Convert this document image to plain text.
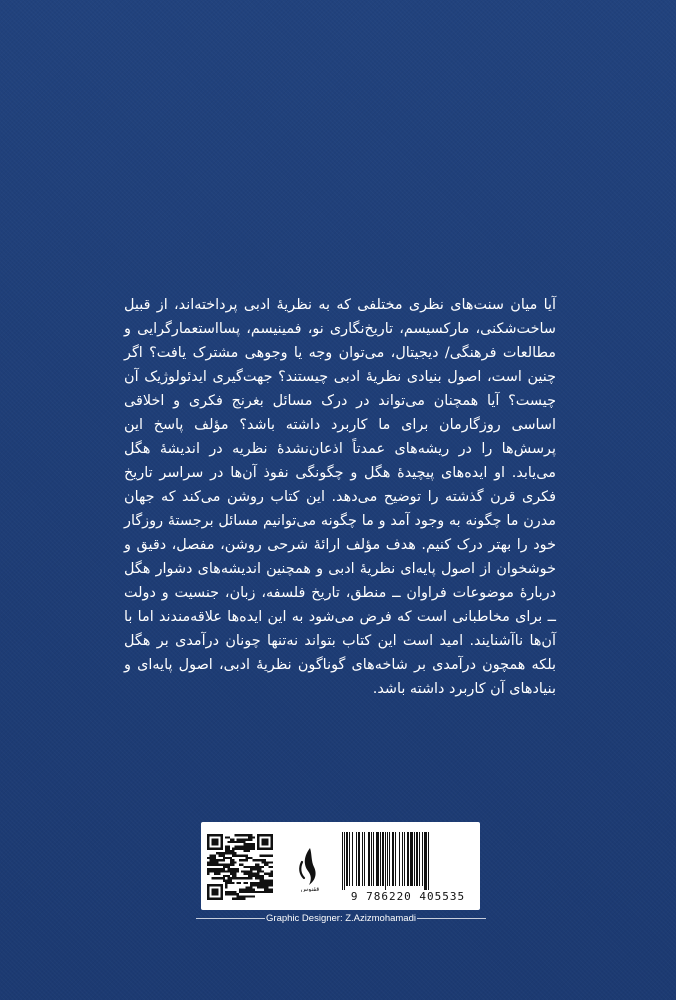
آیا میان سنت‌های نظری مختلفی که به نظریهٔ ادبی پرداخته‌اند، از قبیل ساخت‌شکنی، مارکسیسم، تاریخ‌نگاری نو، فمینیسم، پسااستعمارگرایی و مطالعات فرهنگی/ دیجیتال، می‌توان وجه یا وجوهی مشترک یافت؟ اگر چنین است، اصول بنیادی نظریهٔ ادبی چیستند؟ جهت‌گیری ایدئولوژیک آن چیست؟ آیا همچنان می‌تواند در درک مسائل بغرنج فکری و اخلاقی اساسی روزگارمان برای ما کاربرد داشته باشد؟ مؤلف پاسخ این پرسش‌ها را در ریشه‌های عمدتاً اذعان‌نشدهٔ نظریه در اندیشهٔ هگل می‌یابد. او ایده‌های پیچیدهٔ هگل و چگونگی نفوذ آن‌ها در سراسر تاریخ فکری قرن گذشته را توضیح می‌دهد. این کتاب روشن می‌کند که جهان مدرن ما چگونه به وجود آمد و ما چگونه می‌توانیم مسائل برجستهٔ روزگار خود را بهتر درک کنیم. هدف مؤلف ارائهٔ شرحی روشن، مفصل، دقیق و خوشخوان از اصول پایه‌ای نظریهٔ ادبی و همچنین اندیشه‌های دشوار هگل دربارهٔ موضوعات فراوان ــ منطق، تاریخ فلسفه، زبان، جنسیت و دولت ــ برای مخاطبانی است که فرض می‌شود به این ایده‌ها علاقه‌مندند اما با آن‌ها ناآشنایند. امید است این کتاب بتواند نه‌تنها چونان درآمدی بر هگل بلکه همچون درآمدی بر شاخه‌های گوناگون نظریهٔ ادبی، اصول پایه‌ای و بنیادهای آن کاربرد داشته باشد.

ققنوس
9 786220 405535
Graphic Designer: Z.Azizmohamadi
